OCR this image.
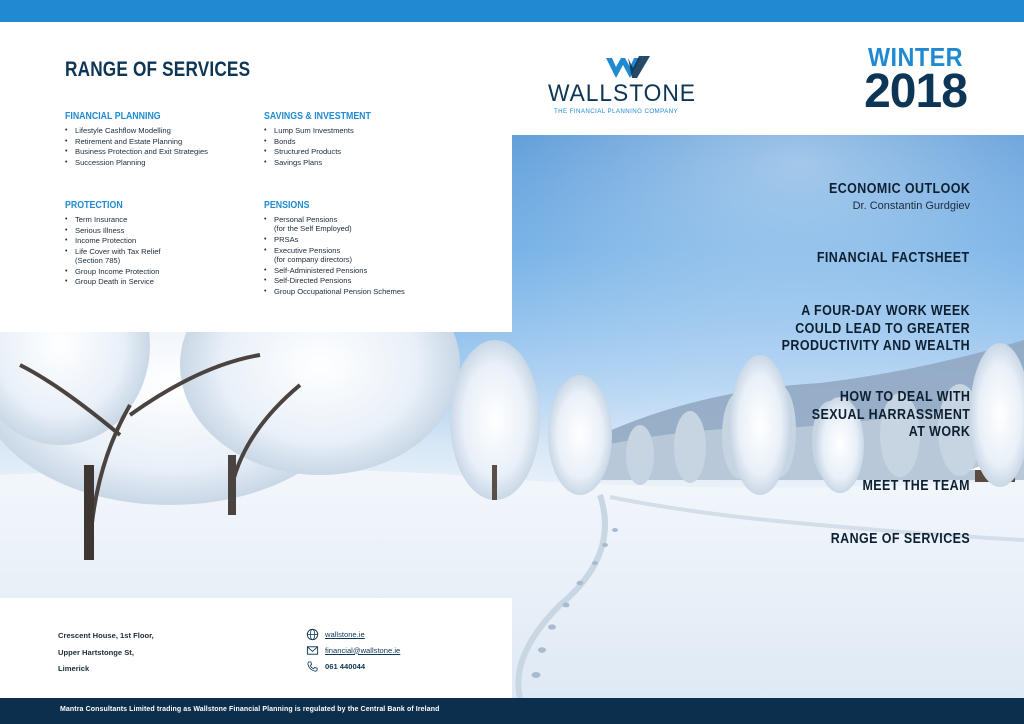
RANGE OF SERVICES
FINANCIAL PLANNING
• Lifestyle Cashflow Modelling
• Retirement and Estate Planning
• Business Protection and Exit Strategies
• Succession Planning
SAVINGS & INVESTMENT
• Lump Sum Investments
• Bonds
• Structured Products
• Savings Plans
PROTECTION
• Term Insurance
• Serious Illness
• Income Protection
• Life Cover with Tax Relief
(Section 785)
• Group Income Protection
• Group Death in Service
PENSIONS
• Personal Pensions
(for the Self Employed)
• PRSAs
• Executive Pensions
(for company directors)
• Self-Administered Pensions
• Self-Directed Pensions
• Group Occupational Pension Schemes
WALLSTONE
THE FINANCIAL PLANNING COMPANY
WINTER
2018
ECONOMIC OUTLOOK
Dr. Constantin Gurdgiev
FINANCIAL FACTSHEET
A FOUR-DAY WORK WEEK
COULD LEAD TO GREATER
PRODUCTIVITY AND WEALTH
HOW TO DEAL WITH
SEXUAL HARRASSMENT
AT WORK
MEET THE TEAM
RANGE OF SERVICES
Crescent House, 1st Floor,
Upper Hartstonge St,
Limerick
wallstone.ie
financial@wallstone.ie
061 440044
Mantra Consultants Limited trading as Wallstone Financial Planning is regulated by the Central Bank of Ireland
